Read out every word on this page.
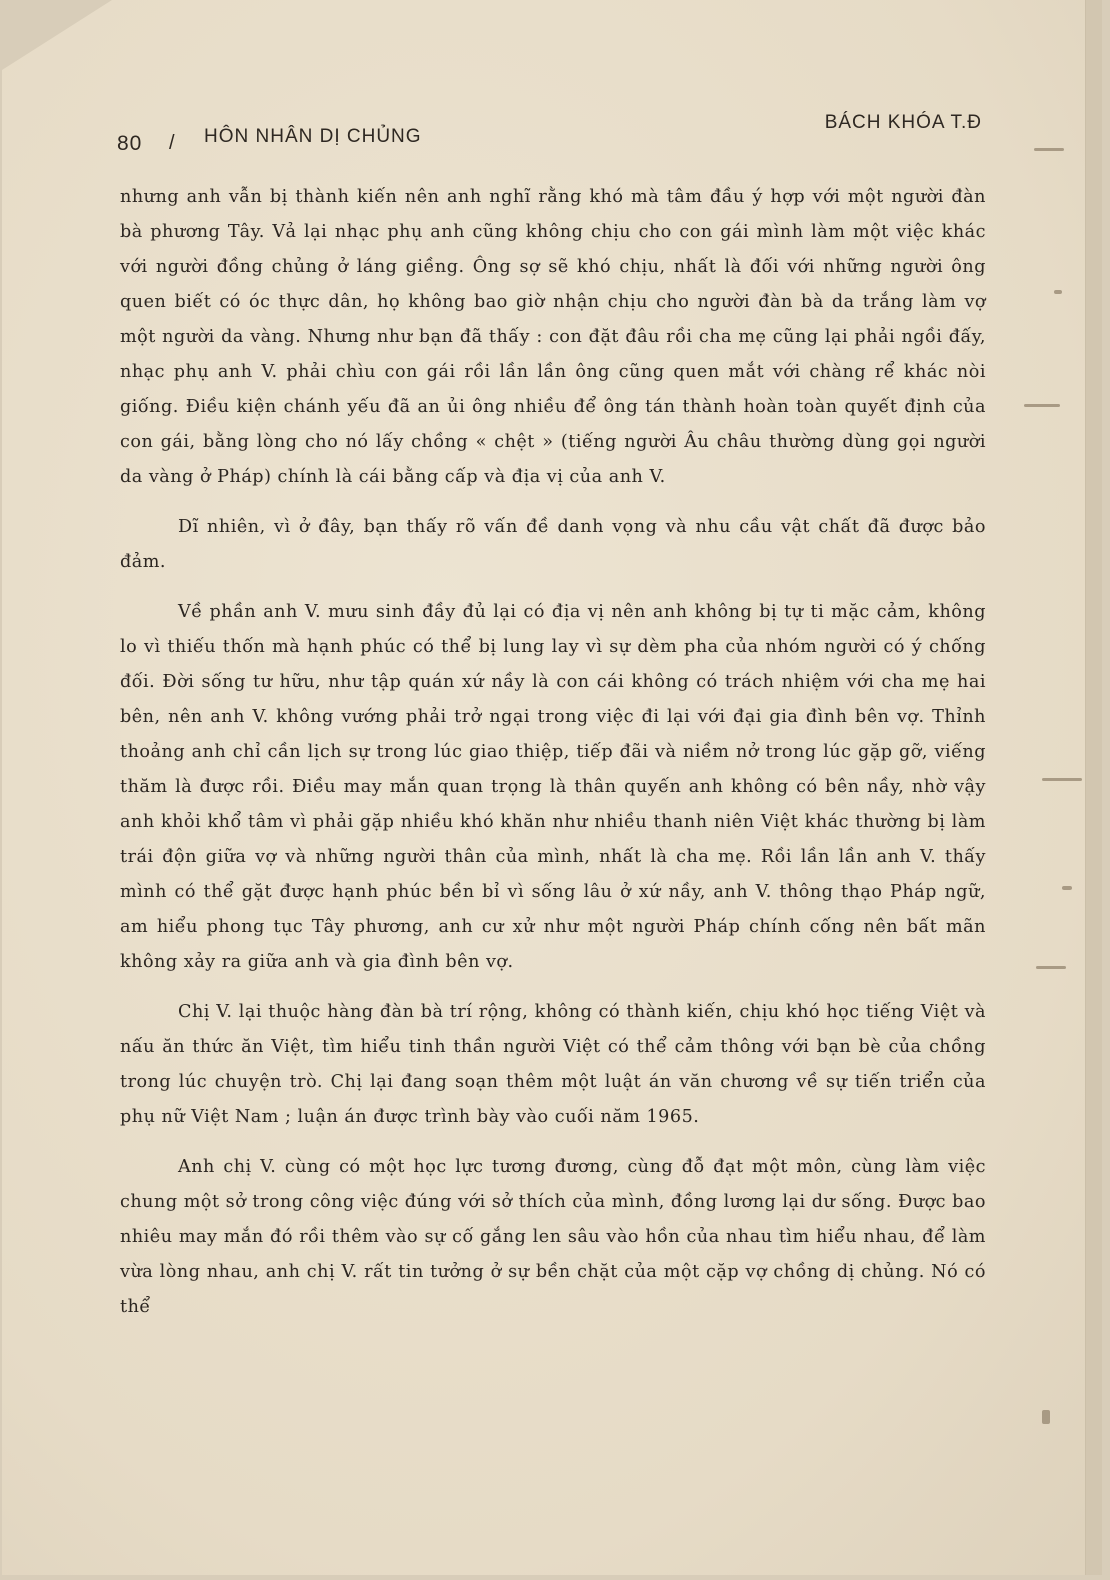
80 / HÔN NHÂN DỊ CHỦNG
BÁCH KHÓA T.Đ

nhưng anh vẫn bị thành kiến nên anh nghĩ rằng khó mà tâm đầu ý hợp với một người đàn bà phương Tây. Vả lại nhạc phụ anh cũng không chịu cho con gái mình làm một việc khác với người đồng chủng ở láng giềng. Ông sợ sẽ khó chịu, nhất là đối với những người ông quen biết có óc thực dân, họ không bao giờ nhận chịu cho người đàn bà da trắng làm vợ một người da vàng. Nhưng như bạn đã thấy : con đặt đâu rồi cha mẹ cũng lại phải ngồi đấy, nhạc phụ anh V. phải chìu con gái rồi lần lần ông cũng quen mắt với chàng rể khác nòi giống. Điều kiện chánh yếu đã an ủi ông nhiều để ông tán thành hoàn toàn quyết định của con gái, bằng lòng cho nó lấy chồng « chệt » (tiếng người Âu châu thường dùng gọi người da vàng ở Pháp) chính là cái bằng cấp và địa vị của anh V.

Dĩ nhiên, vì ở đây, bạn thấy rõ vấn đề danh vọng và nhu cầu vật chất đã được bảo đảm.

Về phần anh V. mưu sinh đầy đủ lại có địa vị nên anh không bị tự ti mặc cảm, không lo vì thiếu thốn mà hạnh phúc có thể bị lung lay vì sự dèm pha của nhóm người có ý chống đối. Đời sống tư hữu, như tập quán xứ nầy là con cái không có trách nhiệm với cha mẹ hai bên, nên anh V. không vướng phải trở ngại trong việc đi lại với đại gia đình bên vợ. Thỉnh thoảng anh chỉ cần lịch sự trong lúc giao thiệp, tiếp đãi và niềm nở trong lúc gặp gỡ, viếng thăm là được rồi. Điều may mắn quan trọng là thân quyến anh không có bên nầy, nhờ vậy anh khỏi khổ tâm vì phải gặp nhiều khó khăn như nhiều thanh niên Việt khác thường bị làm trái độn giữa vợ và những người thân của mình, nhất là cha mẹ. Rồi lần lần anh V. thấy mình có thể gặt được hạnh phúc bền bỉ vì sống lâu ở xứ nầy, anh V. thông thạo Pháp ngữ, am hiểu phong tục Tây phương, anh cư xử như một người Pháp chính cống nên bất mãn không xảy ra giữa anh và gia đình bên vợ.

Chị V. lại thuộc hàng đàn bà trí rộng, không có thành kiến, chịu khó học tiếng Việt và nấu ăn thức ăn Việt, tìm hiểu tinh thần người Việt có thể cảm thông với bạn bè của chồng trong lúc chuyện trò. Chị lại đang soạn thêm một luật án văn chương về sự tiến triển của phụ nữ Việt Nam ; luận án được trình bày vào cuối năm 1965.

Anh chị V. cùng có một học lực tương đương, cùng đỗ đạt một môn, cùng làm việc chung một sở trong công việc đúng với sở thích của mình, đồng lương lại dư sống. Được bao nhiêu may mắn đó rồi thêm vào sự cố gắng len sâu vào hồn của nhau tìm hiểu nhau, để làm vừa lòng nhau, anh chị V. rất tin tưởng ở sự bền chặt của một cặp vợ chồng dị chủng. Nó có thể
